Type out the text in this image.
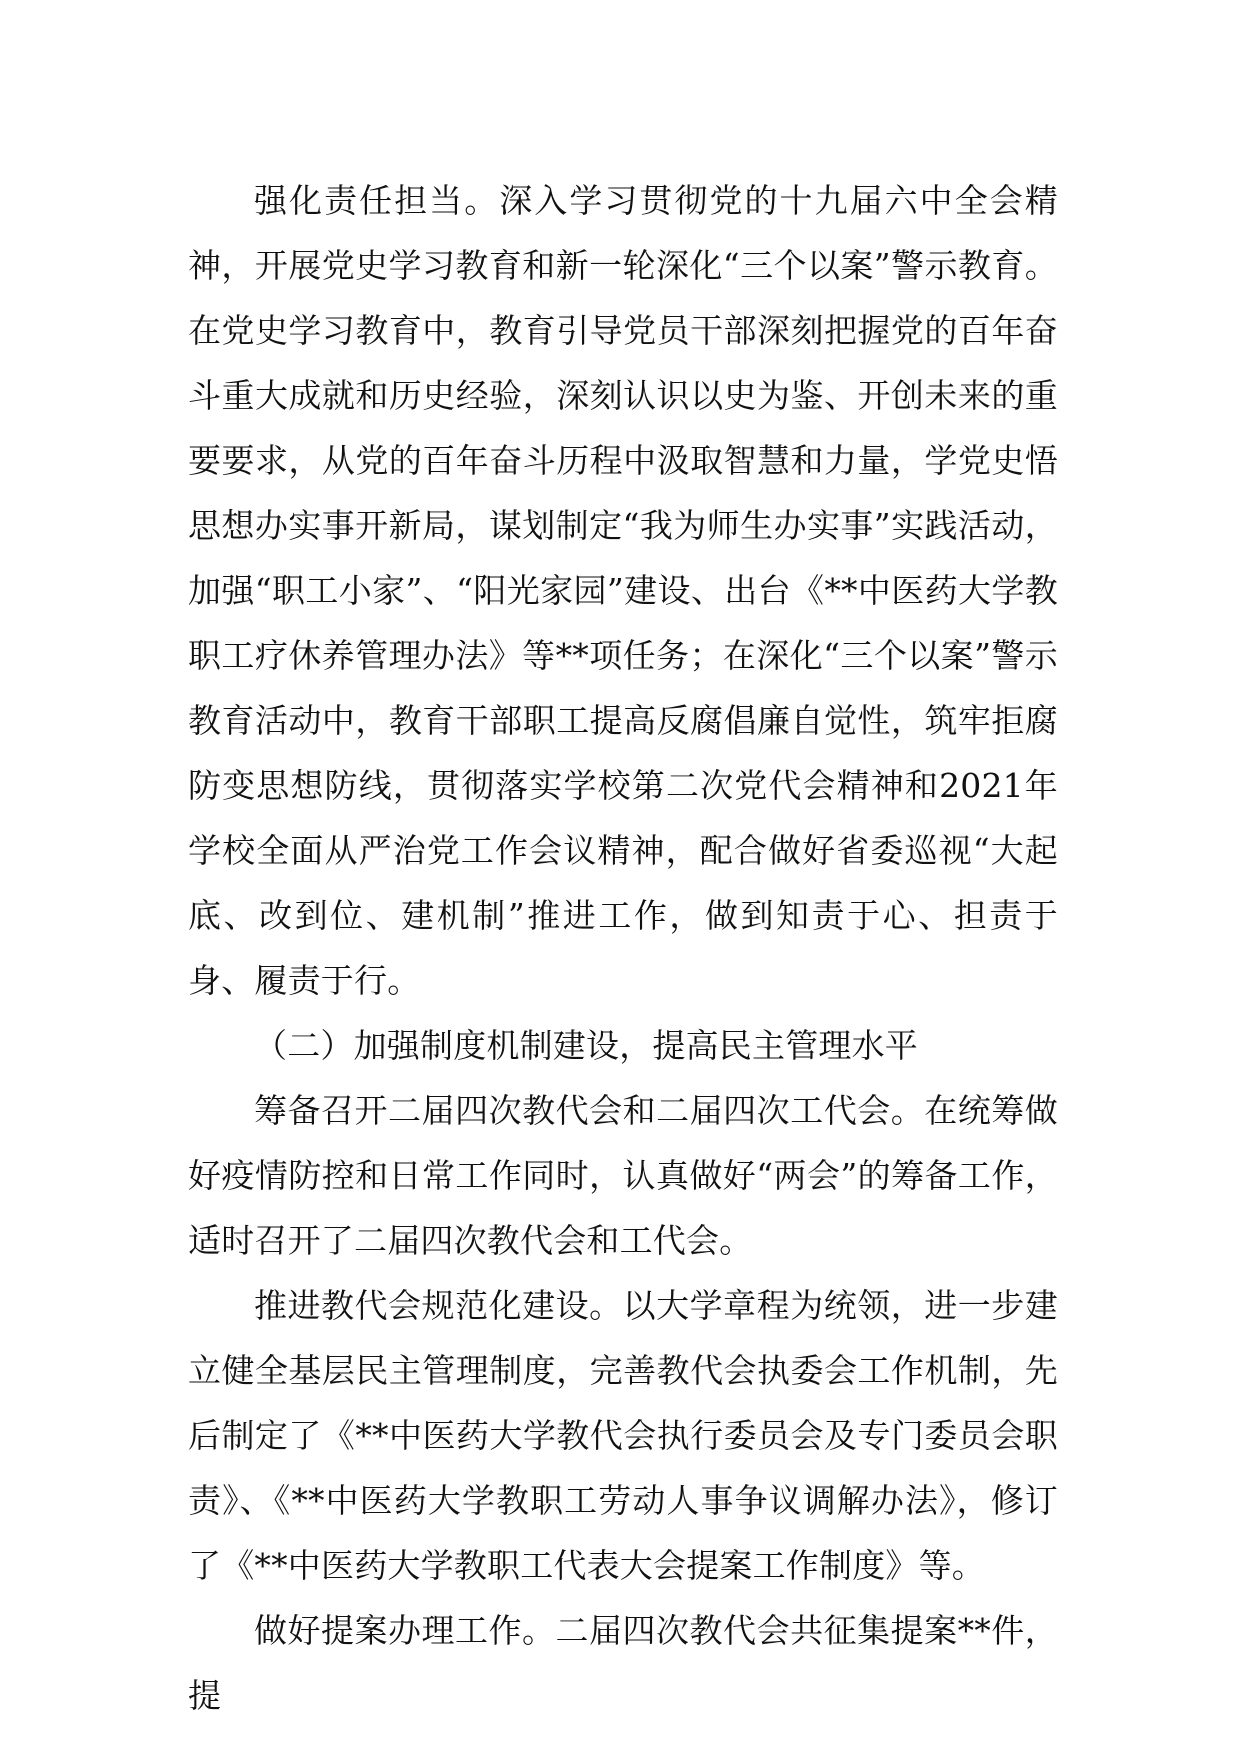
强化责任担当。深入学习贯彻党的十九届六中全会精神，开展党史学习教育和新一轮深化“三个以案”警示教育。在党史学习教育中，教育引导党员干部深刻把握党的百年奋斗重大成就和历史经验，深刻认识以史为鉴、开创未来的重要要求，从党的百年奋斗历程中汲取智慧和力量，学党史悟思想办实事开新局，谋划制定“我为师生办实事”实践活动，加强“职工小家”、“阳光家园”建设、出台《**中医药大学教职工疗休养管理办法》等**项任务；在深化“三个以案”警示教育活动中，教育干部职工提高反腐倡廉自觉性，筑牢拒腐防变思想防线，贯彻落实学校第二次党代会精神和2021年学校全面从严治党工作会议精神，配合做好省委巡视“大起底、改到位、建机制”推进工作，做到知责于心、担责于身、履责于行。

（二）加强制度机制建设，提高民主管理水平

筹备召开二届四次教代会和二届四次工代会。在统筹做好疫情防控和日常工作同时，认真做好“两会”的筹备工作，适时召开了二届四次教代会和工代会。

推进教代会规范化建设。以大学章程为统领，进一步建立健全基层民主管理制度，完善教代会执委会工作机制，先后制定了《**中医药大学教代会执行委员会及专门委员会职责》、《**中医药大学教职工劳动人事争议调解办法》，修订了《**中医药大学教职工代表大会提案工作制度》等。

做好提案办理工作。二届四次教代会共征集提案**件，提
